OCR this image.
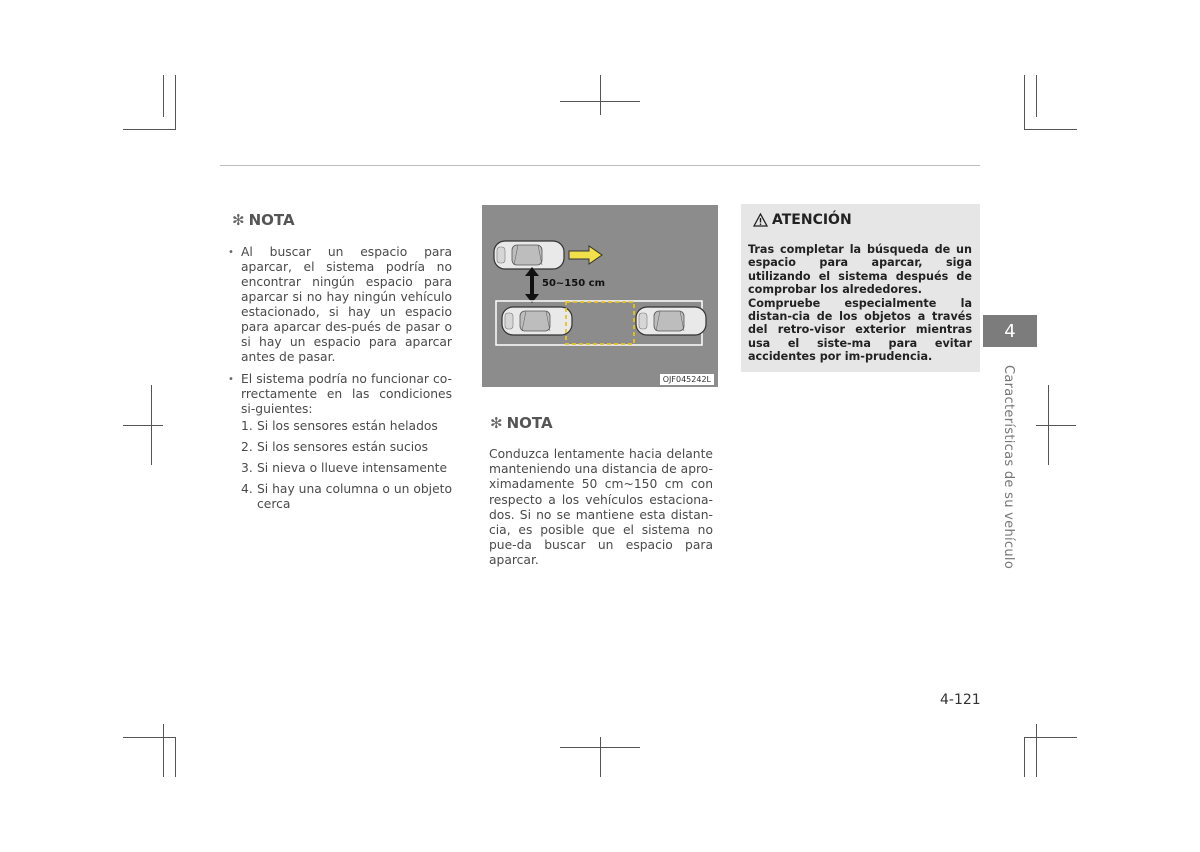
✻ NOTA
• Al buscar un espacio para aparcar, el sistema podría no encontrar ningún espacio para aparcar si no hay ningún vehículo estacionado, si hay un espacio para aparcar des-pués de pasar o si hay un espacio para aparcar antes de pasar.
• El sistema podría no funcionar co-rrectamente en las condiciones si-guientes:
1. Si los sensores están helados
2. Si los sensores están sucios
3. Si nieva o llueve intensamente
4. Si hay una columna o un objeto cerca
50~150 cm
OJF045242L
✻ NOTA
Conduzca lentamente hacia delante manteniendo una distancia de apro-ximadamente 50 cm~150 cm con respecto a los vehículos estaciona-dos. Si no se mantiene esta distan-cia, es posible que el sistema no pue-da buscar un espacio para aparcar.
ATENCIÓN

Tras completar la búsqueda de un espacio para aparcar, siga utilizando el sistema después de comprobar los alrededores.

Compruebe especialmente la distan-cia de los objetos a través del retro-visor exterior mientras usa el siste-ma para evitar accidentes por im-prudencia.

4
Características de su vehículo
4-121
